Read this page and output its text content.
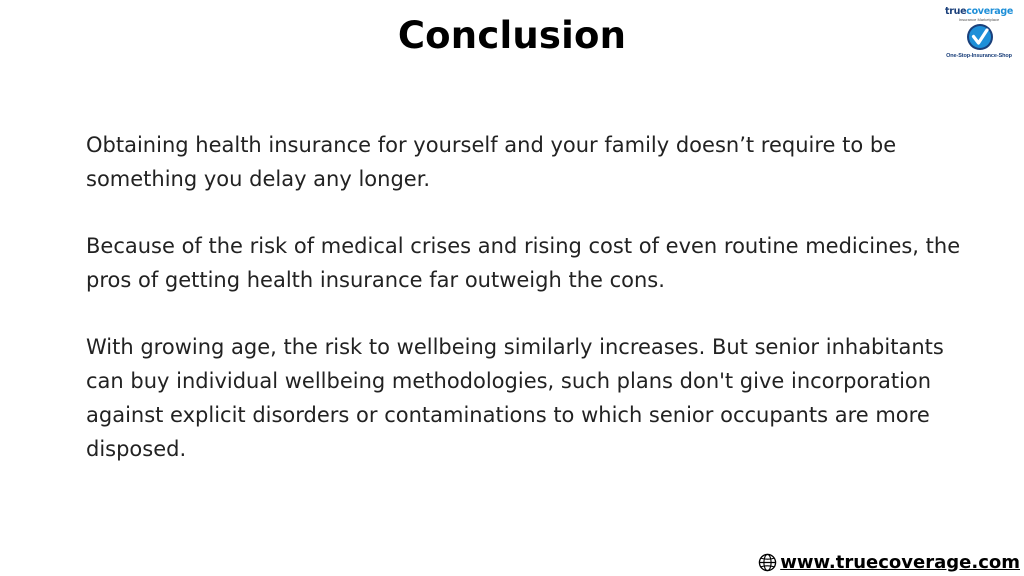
Conclusion
truecoverage
Insurance Marketplace
One-Stop-Insurance-Shop

Obtaining health insurance for yourself and your family doesn’t require to be something you delay any longer.

Because of the risk of medical crises and rising cost of even routine medicines, the pros of getting health insurance far outweigh the cons.

With growing age, the risk to wellbeing similarly increases. But senior inhabitants can buy individual wellbeing methodologies, such plans don't give incorporation against explicit disorders or contaminations to which senior occupants are more disposed.

www.truecoverage.com
